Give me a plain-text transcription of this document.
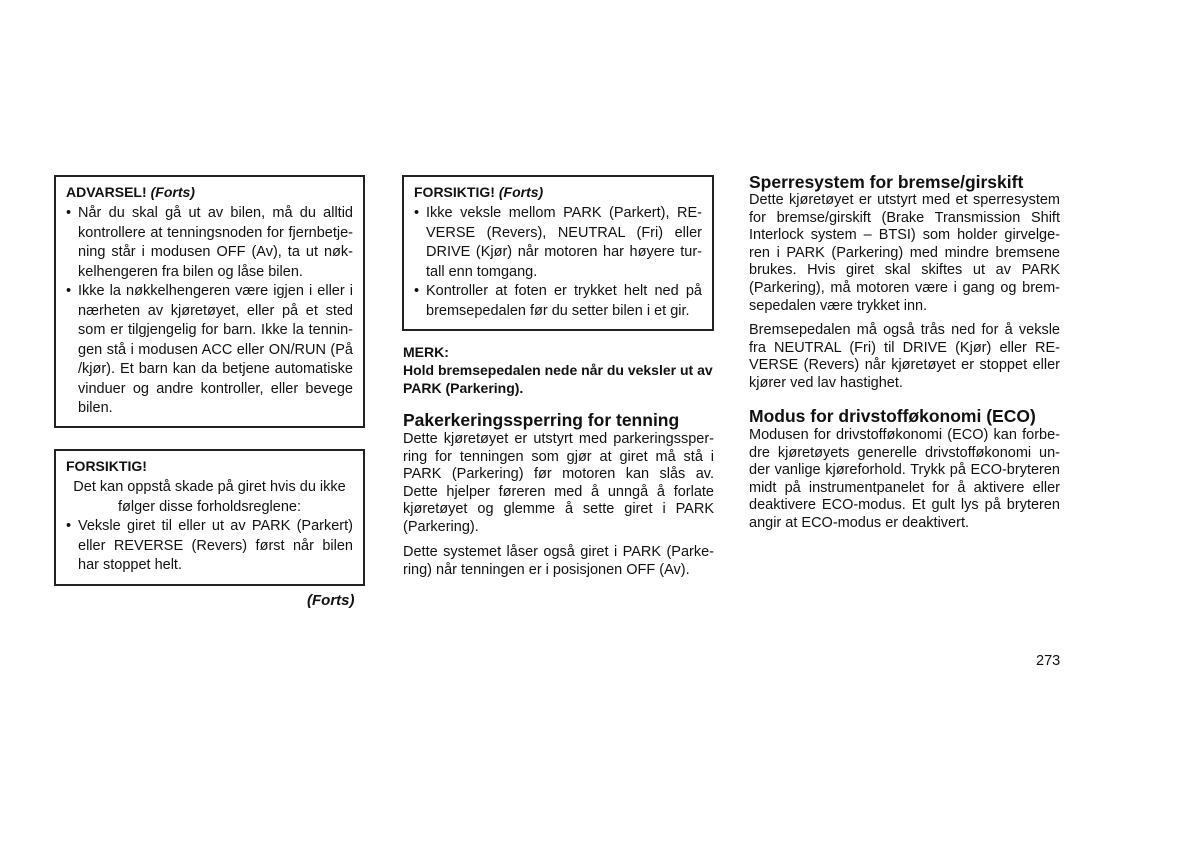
ADVARSEL! (Forts)
• Når du skal gå ut av bilen, må du alltid kontrollere at tenningsnoden for fjernbetje-ning står i modusen OFF (Av), ta ut nøk-kelhengeren fra bilen og låse bilen.
• Ikke la nøkkelhengeren være igjen i eller i nærheten av kjøretøyet, eller på et sted som er tilgjengelig for barn. Ikke la tennin-gen stå i modusen ACC eller ON/RUN (På /kjør). Et barn kan da betjene automatiske vinduer og andre kontroller, eller bevege bilen.
FORSIKTIG!
Det kan oppstå skade på giret hvis du ikke følger disse forholdsreglene:
• Veksle giret til eller ut av PARK (Parkert) eller REVERSE (Revers) først når bilen har stoppet helt.
(Forts)
FORSIKTIG! (Forts)
• Ikke veksle mellom PARK (Parkert), RE-VERSE (Revers), NEUTRAL (Fri) eller DRIVE (Kjør) når motoren har høyere tur-tall enn tomgang.
• Kontroller at foten er trykket helt ned på bremsepedalen før du setter bilen i et gir.
MERK:
Hold bremsepedalen nede når du veksler ut av PARK (Parkering).
Pakerkeringssperring for tenning
Dette kjøretøyet er utstyrt med parkeringssper-ring for tenningen som gjør at giret må stå i PARK (Parkering) før motoren kan slås av. Dette hjelper føreren med å unngå å forlate kjøretøyet og glemme å sette giret i PARK (Parkering).
Dette systemet låser også giret i PARK (Parke-ring) når tenningen er i posisjonen OFF (Av).
Sperresystem for bremse/girskift
Dette kjøretøyet er utstyrt med et sperresystem for bremse/girskift (Brake Transmission Shift Interlock system – BTSI) som holder girvelge-ren i PARK (Parkering) med mindre bremsene brukes. Hvis giret skal skiftes ut av PARK (Parkering), må motoren være i gang og brem-sepedalen være trykket inn.
Bremsepedalen må også trås ned for å veksle fra NEUTRAL (Fri) til DRIVE (Kjør) eller RE-VERSE (Revers) når kjøretøyet er stoppet eller kjører ved lav hastighet.
Modus for drivstofføkonomi (ECO)
Modusen for drivstofføkonomi (ECO) kan forbe-dre kjøretøyets generelle drivstofføkonomi un-der vanlige kjøreforhold. Trykk på ECO-bryteren midt på instrumentpanelet for å aktivere eller deaktivere ECO-modus. Et gult lys på bryteren angir at ECO-modus er deaktivert.
273
